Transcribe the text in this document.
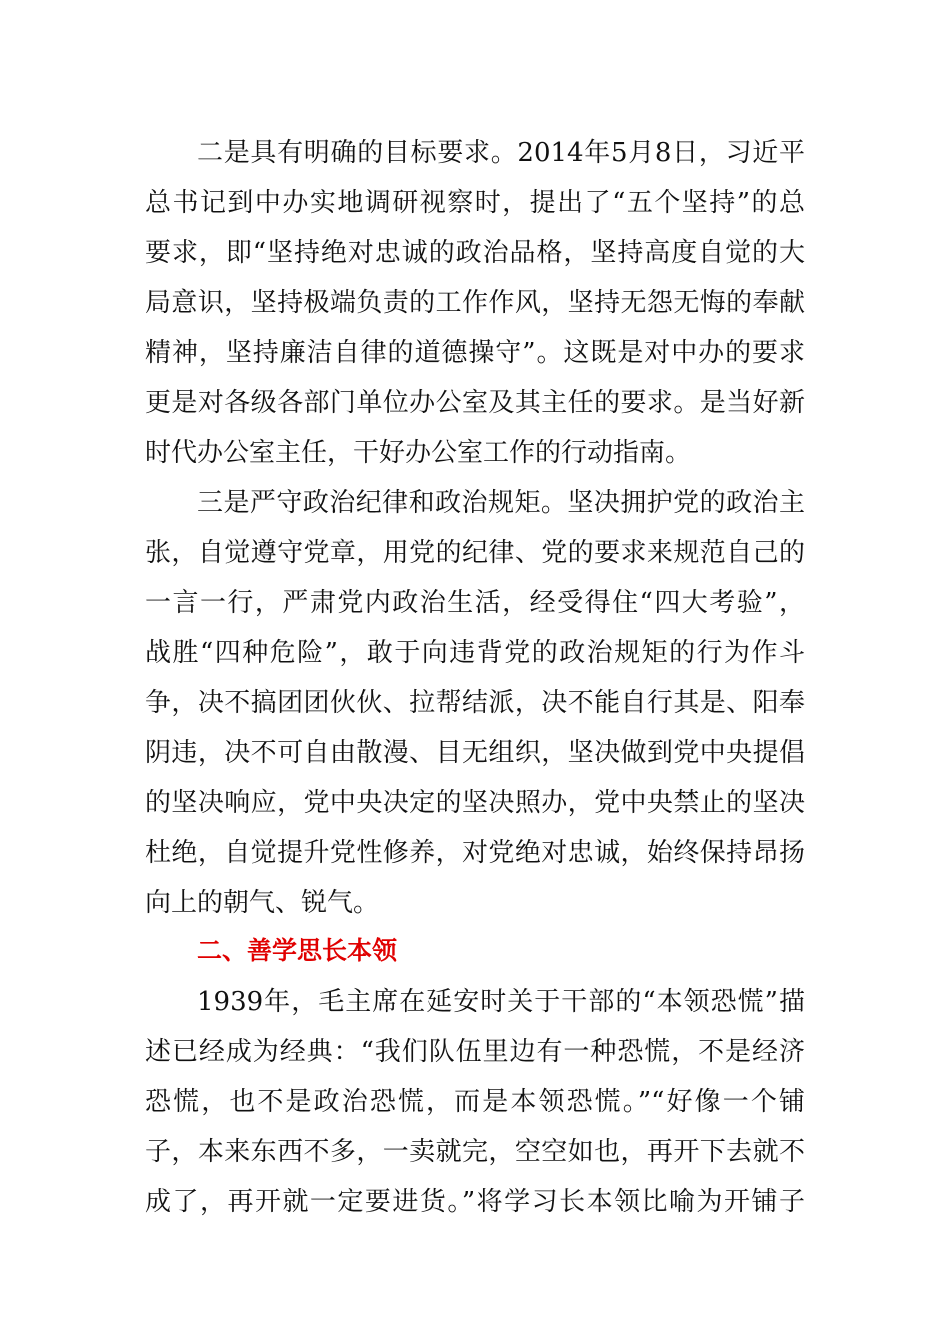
二是具有明确的目标要求。2014年5月8日，习近平
总书记到中办实地调研视察时，提出了“五个坚持”的总
要求，即“坚持绝对忠诚的政治品格，坚持高度自觉的大
局意识，坚持极端负责的工作作风，坚持无怨无悔的奉献
精神，坚持廉洁自律的道德操守”。这既是对中办的要求
更是对各级各部门单位办公室及其主任的要求。是当好新
时代办公室主任，干好办公室工作的行动指南。
三是严守政治纪律和政治规矩。坚决拥护党的政治主
张，自觉遵守党章，用党的纪律、党的要求来规范自己的
一言一行，严肃党内政治生活，经受得住“四大考验”，
战胜“四种危险”，敢于向违背党的政治规矩的行为作斗
争，决不搞团团伙伙、拉帮结派，决不能自行其是、阳奉
阴违，决不可自由散漫、目无组织，坚决做到党中央提倡
的坚决响应，党中央决定的坚决照办，党中央禁止的坚决
杜绝，自觉提升党性修养，对党绝对忠诚，始终保持昂扬
向上的朝气、锐气。
二、善学思长本领
1939年，毛主席在延安时关于干部的“本领恐慌”描
述已经成为经典：“我们队伍里边有一种恐慌，不是经济
恐慌，也不是政治恐慌，而是本领恐慌。”“好像一个铺
子，本来东西不多，一卖就完，空空如也，再开下去就不
成了，再开就一定要进货。”将学习长本领比喻为开铺子
